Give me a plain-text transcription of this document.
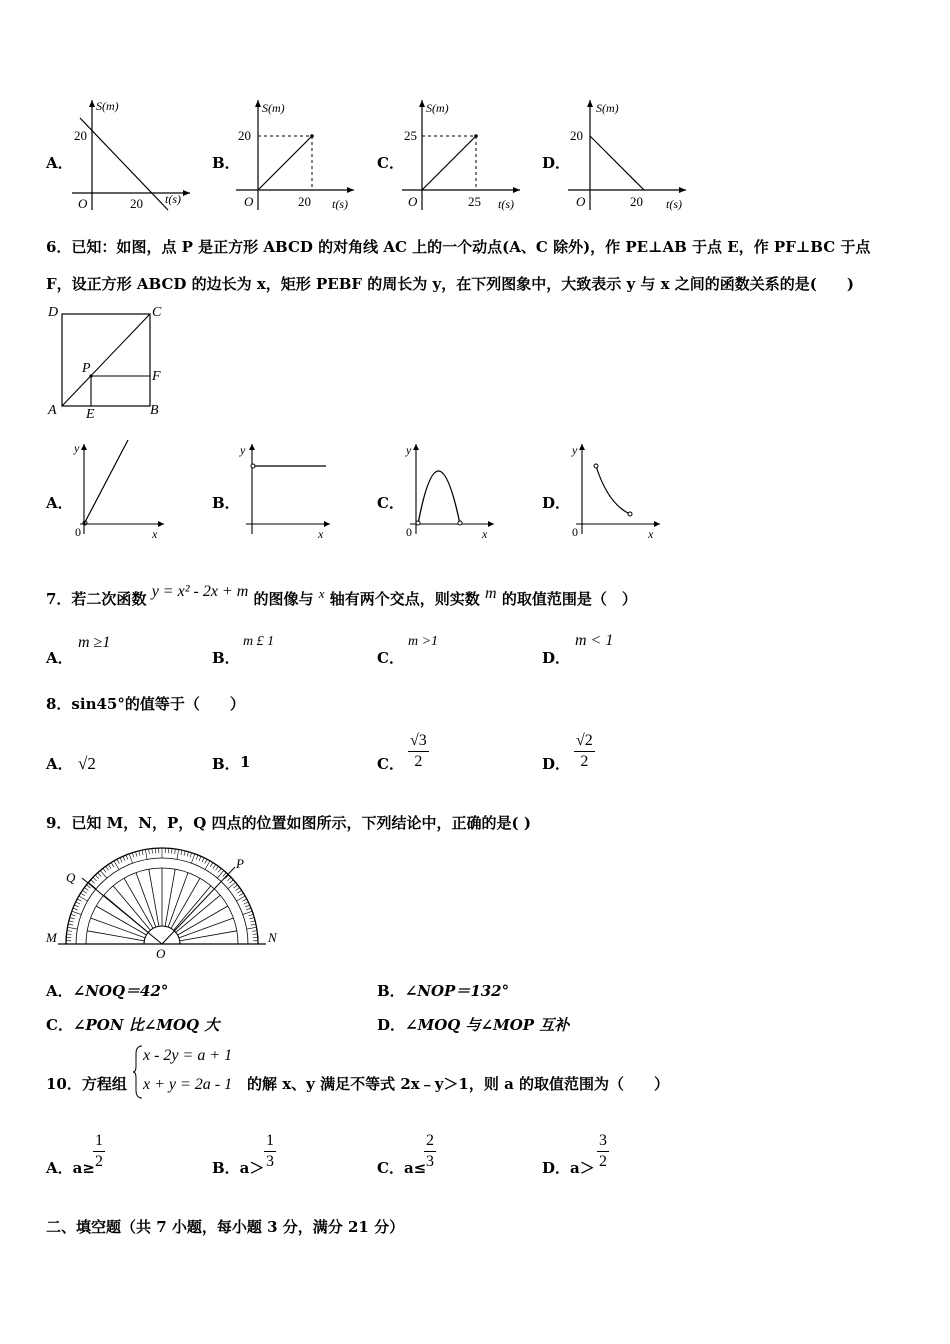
A．
S(m)
20
O	20 t(s)
B．
S(m)
20
O	20 t(s)
C．
S(m)
25
O	25 t(s)
D．
S(m)
20
O	20 t(s)
6．已知：如图，点 P 是正方形 ABCD 的对角线 AC 上的一个动点(A、C 除外)，作 PE⊥AB 于点 E，作 PF⊥BC 于点
F，设正方形 ABCD 的边长为 x，矩形 PEBF 的周长为 y，在下列图象中，大致表示 y 与 x 之间的函数关系的是(　　)
D	C
P
F
A E	B
A．
y
0	x
B．
y
x
C．
y
0	x
D．
y
0	x
7．若二次函数 y = x² - 2x + m 的图像与 x 轴有两个交点，则实数 m 的取值范围是（　）
A．
m ≥1
B．
m £ 1
C．
m >1
D．
m < 1
8．sin45°的值等于（　　）
A． √2	B． 1	C． $\frac{√3}{2}$	D． $\frac{√2}{2}$
9．已知 M，N，P，Q 四点的位置如图所示，下列结论中，正确的是( )
M	N
P
Q
O
A．∠NOQ＝42°	B．∠NOP＝132°
C．∠PON 比∠MOQ 大	D．∠MOQ 与∠MOP 互补
10．方程组
x - 2y = a + 1
x + y = 2a - 1 的解 x、y 满足不等式 2x﹣y＞1，则 a 的取值范围为（　　）
A．a≥
$\frac{1}{2}$	B．$a> \frac{1}{3}$	C．a≤
$\frac{2}{3}$	D．$a> \frac{3}{2}$
二、填空题（共 7 小题，每小题 3 分，满分 21 分）
